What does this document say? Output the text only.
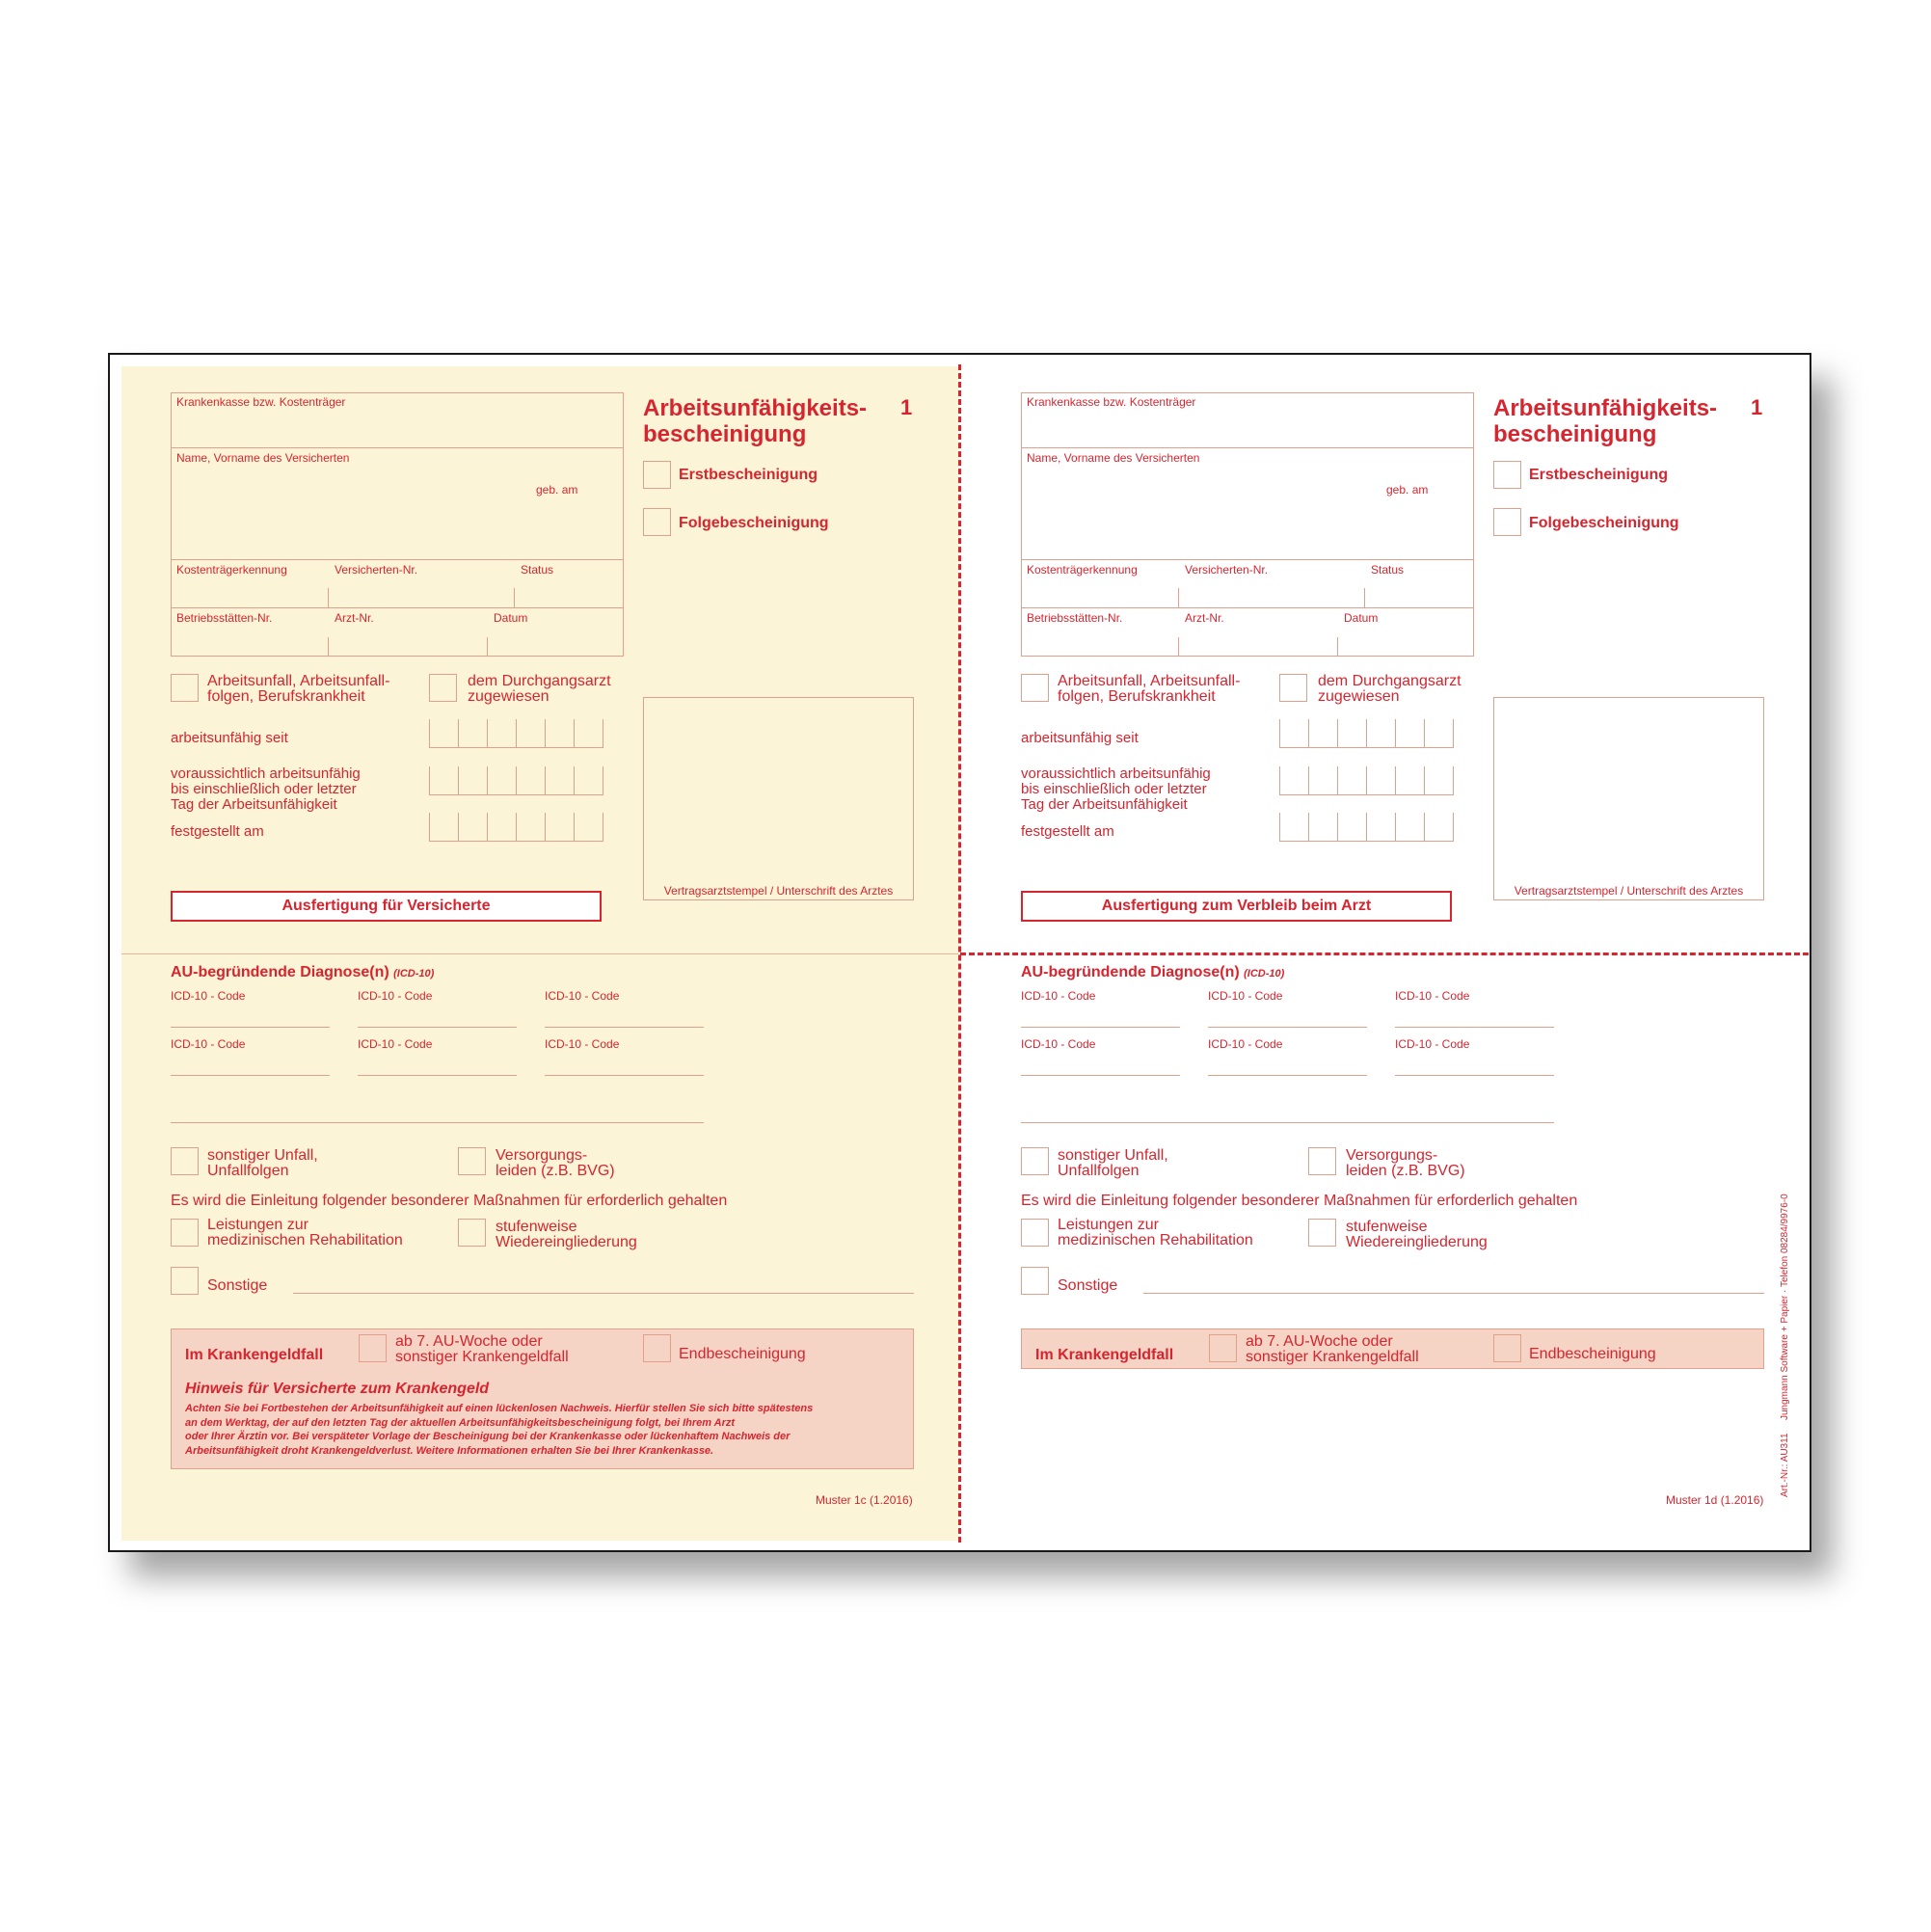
Krankenkasse bzw. Kostenträger
Name, Vorname des Versicherten
geb. am
Kostenträgerkennung	Versicherten-Nr.	Status
Betriebsstätten-Nr.	Arzt-Nr.	Datum
Arbeitsunfähigkeits-
bescheinigung
1
Erstbescheinigung
Folgebescheinigung
Arbeitsunfall, Arbeitsunfall-
folgen, Berufskrankheit
dem Durchgangsarzt
zugewiesen
arbeitsunfähig seit
voraussichtlich arbeitsunfähig
bis einschließlich oder letzter
Tag der Arbeitsunfähigkeit
festgestellt am
Vertragsarztstempel / Unterschrift des Arztes
Ausfertigung für Versicherte
AU-begründende Diagnose(n) (ICD-10)
ICD-10 - Code	ICD-10 - Code	ICD-10 - Code
ICD-10 - Code	ICD-10 - Code	ICD-10 - Code
sonstiger Unfall,
Unfallfolgen
Versorgungs-
leiden (z.B. BVG)
Es wird die Einleitung folgender besonderer Maßnahmen für erforderlich gehalten
Leistungen zur
medizinischen Rehabilitation
stufenweise
Wiedereingliederung
Sonstige
Im Krankengeldfall
ab 7. AU-Woche oder
sonstiger Krankengeldfall	Endbescheinigung
Hinweis für Versicherte zum Krankengeld
Achten Sie bei Fortbestehen der Arbeitsunfähigkeit auf einen lückenlosen Nachweis. Hierfür stellen Sie sich bitte spätestens
an dem Werktag, der auf den letzten Tag der aktuellen Arbeitsunfähigkeitsbescheinigung folgt, bei Ihrem Arzt
oder Ihrer Ärztin vor. Bei verspäteter Vorlage der Bescheinigung bei der Krankenkasse oder lückenhaftem Nachweis der
Arbeitsunfähigkeit droht Krankengeldverlust. Weitere Informationen erhalten Sie bei Ihrer Krankenkasse.
Muster 1c (1.2016)
Krankenkasse bzw. Kostenträger
Name, Vorname des Versicherten
geb. am
Kostenträgerkennung	Versicherten-Nr.	Status
Betriebsstätten-Nr.	Arzt-Nr.	Datum
Arbeitsunfähigkeits-
bescheinigung
1
Erstbescheinigung
Folgebescheinigung
Arbeitsunfall, Arbeitsunfall-
folgen, Berufskrankheit
dem Durchgangsarzt
zugewiesen
arbeitsunfähig seit
voraussichtlich arbeitsunfähig
bis einschließlich oder letzter
Tag der Arbeitsunfähigkeit
festgestellt am
Vertragsarztstempel / Unterschrift des Arztes
Ausfertigung zum Verbleib beim Arzt
AU-begründende Diagnose(n) (ICD-10)
ICD-10 - Code	ICD-10 - Code	ICD-10 - Code
ICD-10 - Code	ICD-10 - Code	ICD-10 - Code
sonstiger Unfall,
Unfallfolgen
Versorgungs-
leiden (z.B. BVG)
Es wird die Einleitung folgender besonderer Maßnahmen für erforderlich gehalten
Leistungen zur
medizinischen Rehabilitation
stufenweise
Wiedereingliederung
Sonstige
Im Krankengeldfall
ab 7. AU-Woche oder
sonstiger Krankengeldfall	Endbescheinigung
Muster 1d (1.2016)
Art.-Nr.: AU311
Jungmann Software + Papier · Telefon 08284/9976-0
